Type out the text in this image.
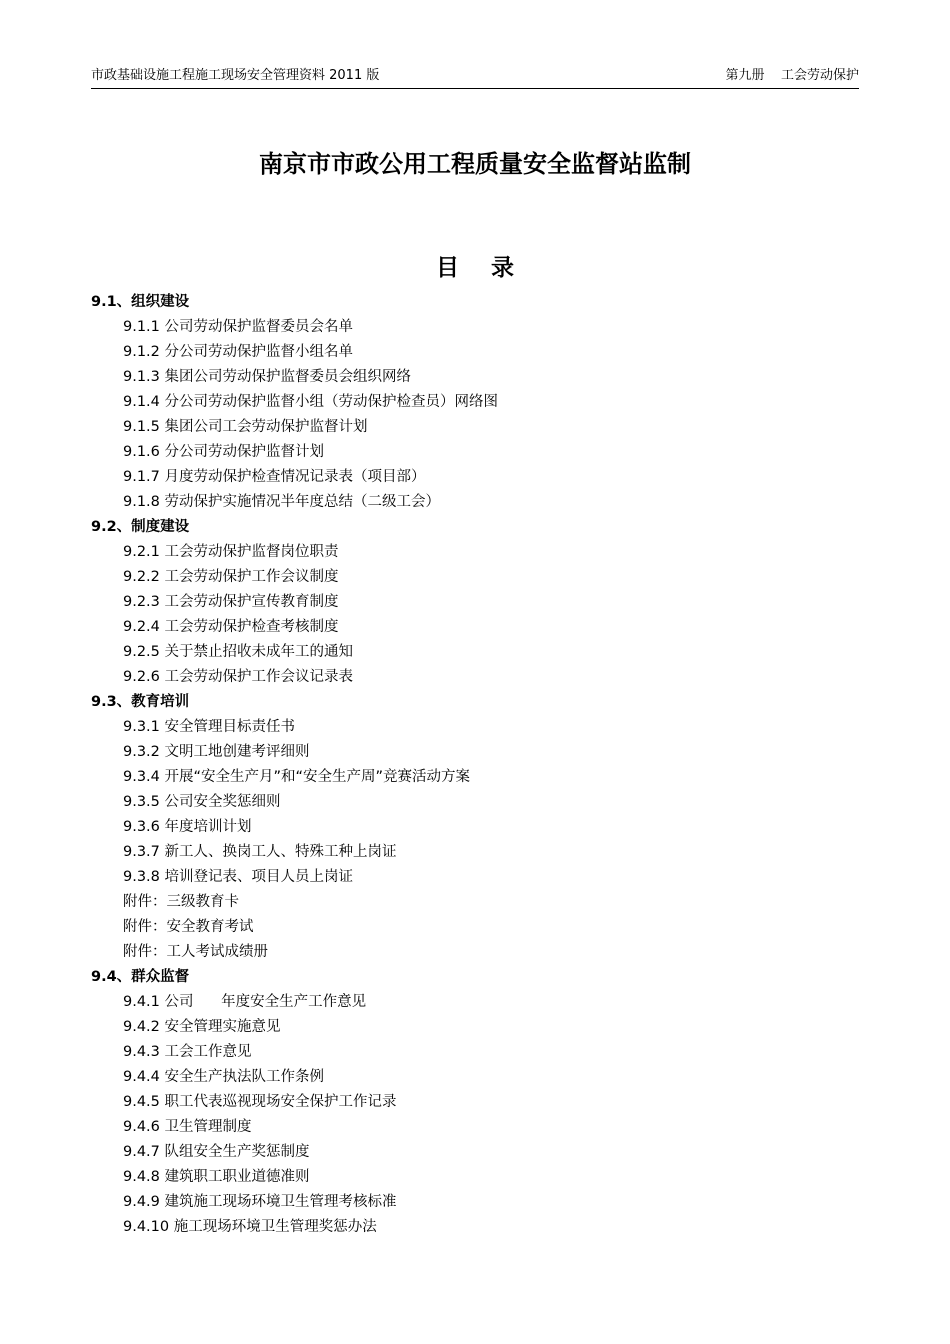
市政基础设施工程施工现场安全管理资料 2011 版	第九册    工会劳动保护
南京市市政公用工程质量安全监督站监制
目    录
9.1、组织建设
9.1.1 公司劳动保护监督委员会名单
9.1.2 分公司劳动保护监督小组名单
9.1.3 集团公司劳动保护监督委员会组织网络
9.1.4 分公司劳动保护监督小组（劳动保护检查员）网络图
9.1.5 集团公司工会劳动保护监督计划
9.1.6 分公司劳动保护监督计划
9.1.7 月度劳动保护检查情况记录表（项目部）
9.1.8 劳动保护实施情况半年度总结（二级工会）
9.2、制度建设
9.2.1 工会劳动保护监督岗位职责
9.2.2 工会劳动保护工作会议制度
9.2.3 工会劳动保护宣传教育制度
9.2.4 工会劳动保护检查考核制度
9.2.5 关于禁止招收未成年工的通知
9.2.6 工会劳动保护工作会议记录表
9.3、教育培训
9.3.1 安全管理目标责任书
9.3.2 文明工地创建考评细则
9.3.4 开展“安全生产月”和“安全生产周”竞赛活动方案
9.3.5 公司安全奖惩细则
9.3.6 年度培训计划
9.3.7 新工人、换岗工人、特殊工种上岗证
9.3.8 培训登记表、项目人员上岗证
附件：三级教育卡
附件：安全教育考试
附件：工人考试成绩册
9.4、群众监督
9.4.1 公司      年度安全生产工作意见
9.4.2 安全管理实施意见
9.4.3 工会工作意见
9.4.4 安全生产执法队工作条例
9.4.5 职工代表巡视现场安全保护工作记录
9.4.6 卫生管理制度
9.4.7 队组安全生产奖惩制度
9.4.8 建筑职工职业道德准则
9.4.9 建筑施工现场环境卫生管理考核标准
9.4.10 施工现场环境卫生管理奖惩办法
